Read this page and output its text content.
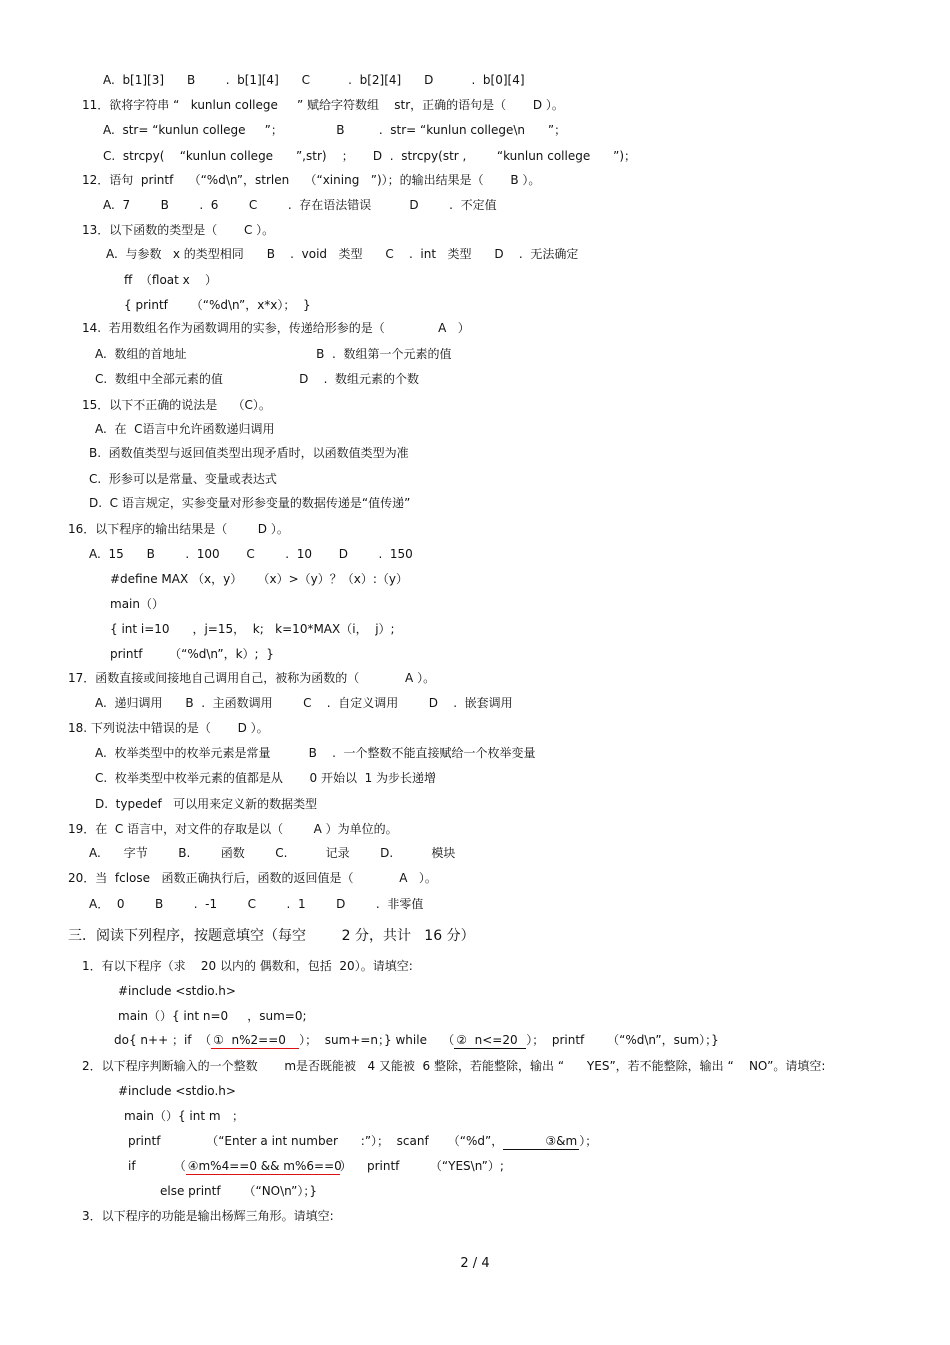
A.  b[1][3]      B        .  b[1][4]      C          .  b[2][4]      D          .  b[0][4]
11．欲将字符串 “   kunlun college     ” 赋给字符数组    str，正确的语句是（       D ）。
A.  str= “kunlun college     ”；              B         .  str= “kunlun college\n      ”；
C.  strcpy(    “kunlun college      ”,str)    ；     D  .  strcpy(str ,        “kunlun college      ”)；
12．语句  printf    （“%d\n”，strlen    （“xining   ”)）；的输出结果是（       B ）。
A.  7        B        .  6        C        .  存在语法错误          D        .  不定值
13．以下函数的类型是（       C ）。
A.  与参数   x 的类型相同      B    .  void   类型      C    .  int   类型      D    .  无法确定
ff  （float x    ）
{ printf      （“%d\n”，x*x）；  }
14.  若用数组名作为函数调用的实参，传递给形参的是（              A   ）
A.  数组的首地址                                  B  .  数组第一个元素的值
C.  数组中全部元素的值                    D    .  数组元素的个数
15．以下不正确的说法是    （C）。
A.  在  C语言中允许函数递归调用
B.  函数值类型与返回值类型出现矛盾时，以函数值类型为准
C.  形参可以是常量、变量或表达式
D.  C 语言规定，实参变量对形参变量的数据传递是“值传递”
16．以下程序的输出结果是（        D ）。
A.  15      B        .  100       C        .  10       D        .  150
#define MAX （x，y）    （x）>（y）？（x）:（y）
main（）
{ int i=10      ，j=15，  k;   k=10*MAX（i，  j）;
printf       （“%d\n”，k）;  }
17．函数直接或间接地自己调用自己，被称为函数的（            A ）。
A.  递归调用      B  .  主函数调用        C    .  自定义调用        D    .  嵌套调用
18. 下列说法中错误的是（       D ）。
A.  枚举类型中的枚举元素是常量          B    .  一个整数不能直接赋给一个枚举变量
C.  枚举类型中枚举元素的值都是从       0 开始以  1 为步长递增
D.  typedef   可以用来定义新的数据类型
19．在  C 语言中，对文件的存取是以（        A ）为单位的。
A.      字节        B.        函数        C.          记录        D.          模块
20．当  fclose   函数正确执行后，函数的返回值是（            A   ）。
A．  0        B        .  -1        C        .  1        D        .  非零值
三．阅读下列程序，按题意填空（每空        2 分，共计   16 分）
1．有以下程序（求    20 以内的 偶数和，包括  20）。请填空:
#include <stdio.h>
main（）{ int n=0     ，sum=0;
do{ n++ ；if  （ ①  n%2==0 ）；  sum+=n；} while    （ ②  n<=20 ）；  printf      （“%d\n”，sum）；}
2．以下程序判断输入的一个整数       m是否既能被   4 又能被  6 整除，若能整除，输出 “      YES”，若不能整除，输出 “    NO”。请填空:
#include <stdio.h>
main（）{ int m   ；
printf            （“Enter a int number      :”）；  scanf     （“%d”，	③&m ）；
if          （ ④m%4==0 && m%6==0）    printf        （“YES\n”）;
else printf      （“NO\n”）；}
3．以下程序的功能是输出杨辉三角形。请填空:
2 / 4
